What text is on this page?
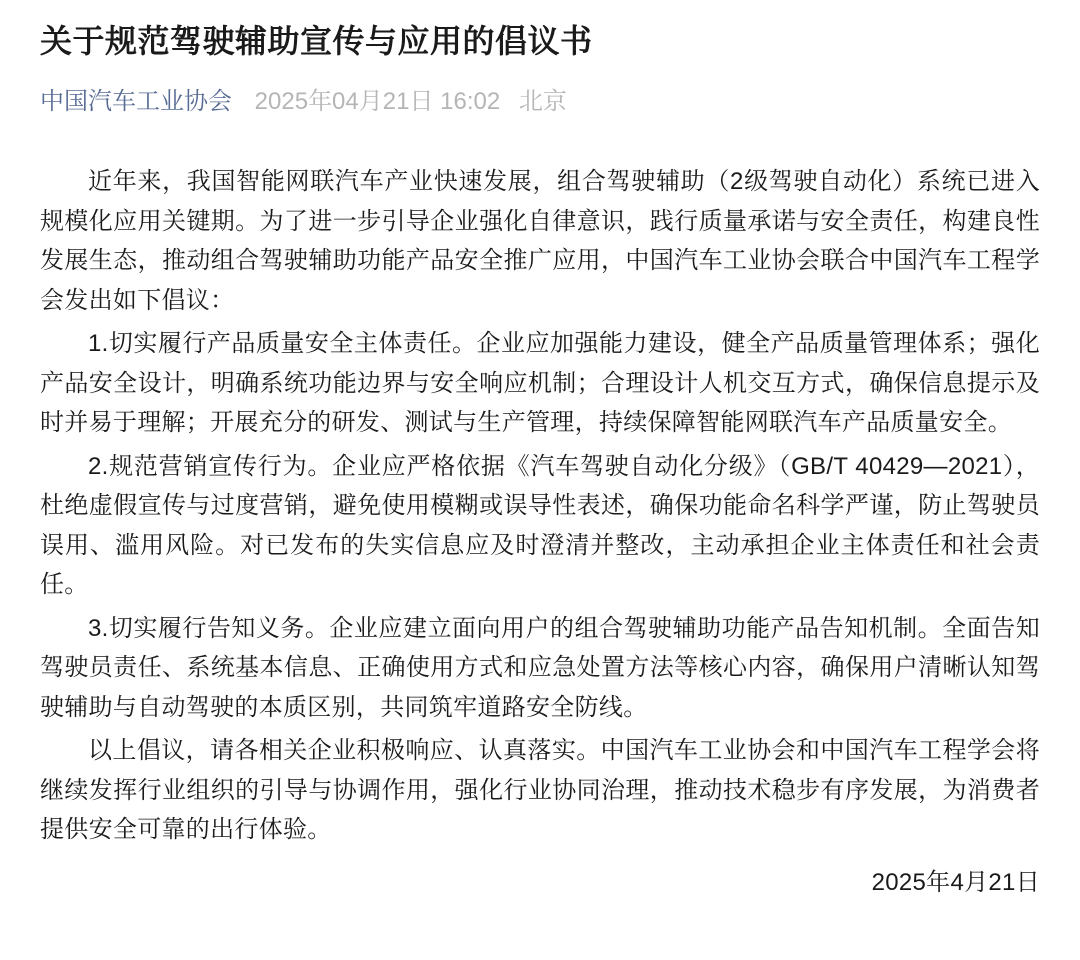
关于规范驾驶辅助宣传与应用的倡议书
中国汽车工业协会 2025年04月21日 16:02 北京

近年来，我国智能网联汽车产业快速发展，组合驾驶辅助（2级驾驶自动化）系统已进入规模化应用关键期。为了进一步引导企业强化自律意识，践行质量承诺与安全责任，构建良性发展生态，推动组合驾驶辅助功能产品安全推广应用，中国汽车工业协会联合中国汽车工程学会发出如下倡议：

1.切实履行产品质量安全主体责任。企业应加强能力建设，健全产品质量管理体系；强化产品安全设计，明确系统功能边界与安全响应机制；合理设计人机交互方式，确保信息提示及时并易于理解；开展充分的研发、测试与生产管理，持续保障智能网联汽车产品质量安全。

2.规范营销宣传行为。企业应严格依据《汽车驾驶自动化分级》（GB/T 40429—2021），杜绝虚假宣传与过度营销，避免使用模糊或误导性表述，确保功能命名科学严谨，防止驾驶员误用、滥用风险。对已发布的失实信息应及时澄清并整改，主动承担企业主体责任和社会责任。

3.切实履行告知义务。企业应建立面向用户的组合驾驶辅助功能产品告知机制。全面告知驾驶员责任、系统基本信息、正确使用方式和应急处置方法等核心内容，确保用户清晰认知驾驶辅助与自动驾驶的本质区别，共同筑牢道路安全防线。

以上倡议，请各相关企业积极响应、认真落实。中国汽车工业协会和中国汽车工程学会将继续发挥行业组织的引导与协调作用，强化行业协同治理，推动技术稳步有序发展，为消费者提供安全可靠的出行体验。

2025年4月21日
